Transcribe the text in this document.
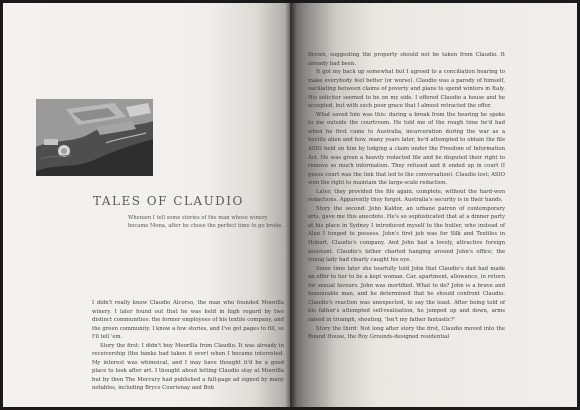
TALES OF CLAUDIO
Whenien I tell some stories of the man whose winery became Mona, after he chose the perfect time to go broke.

I didn't really know Claudio Alcorso, the man who founded Moorilla winery. I later found out that he was held in high regard by two distinct communities: the former employees of his textile company, and the green community. I know a few stories, and I've got pages to fill, so I'll tell 'em.

Story the first: I didn't buy Moorilla from Claudio. It was already in receivership (the banks had taken it over) when I became interested. My interest was whimsical, and I may have thought it'd be a good place to look after art. I thought about letting Claudio stay at Moorilla but by then The Mercury had published a full-page ad signed by many notables, including Bryce Courtenay and Bob

Brown, suggesting the property should not be taken from Claudio. It already had been.

It got my back up somewhat but I agreed to a conciliation hearing to make everybody feel better (or worse). Claudio was a parody of himself, vacillating between claims of poverty and plans to spend winters in Italy. His solicitor seemed to be on my side. I offered Claudio a house and he accepted, but with such poor grace that I almost retracted the offer.

What saved him was this: during a break from the hearing he spoke to me outside the courtroom. He told me of the rough time he'd had when he first came to Australia, incarceration during the war as a hostile alien and how, many years later, he'd attempted to obtain the file ASIO held on him by lodging a claim under the Freedom of Information Act. He was given a heavily redacted file and he disputed their right to remove so much information. They refused and it ended up in court (I guess court was the link that led to the conversation). Claudio lost; ASIO won the right to maintain the large-scale redaction.

Later, they provided the file again, complete, without the hard-won redactions. Apparently they forgot. Australia's security is in their hands.

Story the second: John Kaldor, an urbane patron of contemporary arts, gave me this anecdote. He's so sophisticated that at a dinner party at his place in Sydney I introduced myself to the butler, who instead of Alan I tonged to possess. John's first job was for Silk and Textiles in Hobart, Claudio's company. And John had a lovely, attractive foreign assistant. Claudio's father charted hanging around John's office; the young lady had clearly caught his eye.

Some time later she tearfully told John that Claudio's dad had made an offer to her to be a kept woman. Car, apartment, allowance, in return for sexual favours. John was mortified. What to do? John is a brave and honourable man, and he determined that he should confront Claudio. Claudio's reaction was unexpected, to say the least. After being told of his father's attempted self-realisation, he jumped up and down, arms raised in triumph, shouting, 'Isn't my father fantastic?'

Story the third: Not long after story the first, Claudio moved into the Round House, the Roy Grounds-designed residential
